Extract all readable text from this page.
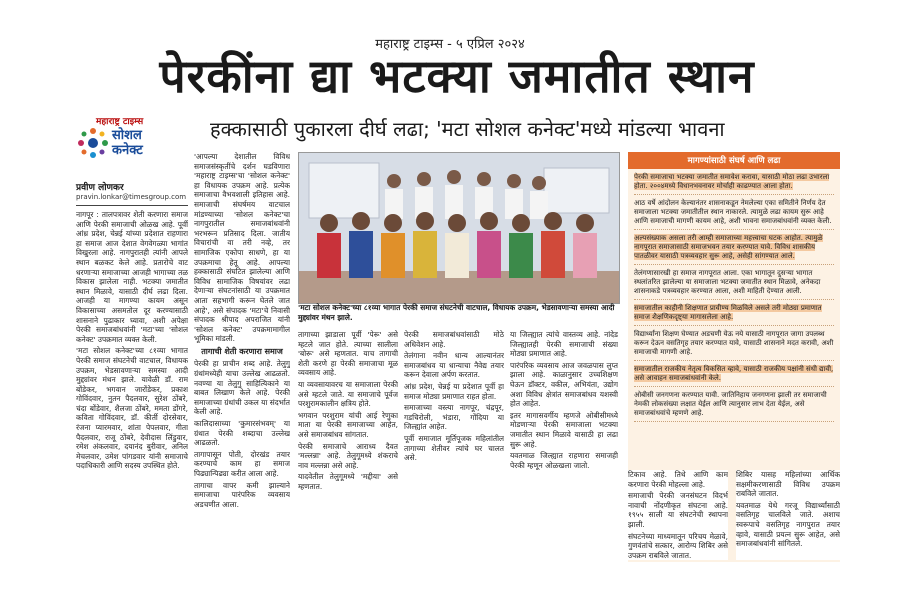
महाराष्ट्र टाइम्स - ५ एप्रिल २०२४
पेरकींना द्या भटक्या जमातीत स्थान
महाराष्ट्र टाइम्स
सोशल
कनेक्ट
हक्कासाठी पुकारला दीर्घ लढा; 'मटा सोशल कनेक्ट'मध्ये मांडल्या भावना
प्रवीण लोणकर
pravin.lonkar@timesgroup.com

नागपूर : तालपत्रावर शेती करणारा समाज आणि पेरकी समाजाची ओळख आहे. पूर्वी आंध्र प्रदेश, चेन्नई यांच्या प्रदेशात राहणारा हा समाज आज देशात वेगवेगळ्या भागांत विखुरला आहे. नागपुरातही त्यांनी आपले स्थान बळकट केले आहे. प्रतारोचे वाट धरणाऱ्या समाजाच्या आजही भागाच्या तळ विकास झालेला नाही. भटक्या जमातीत स्थान मिळावे, यासाठी दीर्घ लढा दिला. आजही या मागण्या कायम असून विकासाच्या असमतोल दूर करण्यासाठी शासनाने पुढाकार घ्यावा, अशी अपेक्षा पेरकी समाजबांधवांनी 'मटा'च्या 'सोशल कनेक्ट' उपक्रमात व्यक्त केली.

'मटा सोशल कनेक्ट'च्या ८१व्या भागात पेरकी समाज संघटनेची वाटचाल, विधायक उपक्रम, भेडसावणाऱ्या समस्या आदी मुद्द्यांवर मंथन झाले. यावेळी डॉ. राम बोंडेकर, भगवान जारोंडेकर, प्रकाश गोविंदवार, नुतन पैदलवार, सुरेश ठोंबरे, चंदा बोंडेवार, शैलजा ठोंबरे, ममता डोंगरे, कविता गोविंदवार, डॉ. कीर्ती दोरसेवार, रंजना प्यारमवार, शांता पेपलवार, गीता पैदलवार, राजू ठोंबरे, देवीदास लिंडुवार, रमेश अंकलवार, दयानंद बुरीवार, अनिल मेचलवार, उमेश पांगडवार यांनी समाजाचे पदाधिकारी आणि सदस्य उपस्थित होते.

'आपल्या देशातील विविध समाजसंस्कृतींचे दर्शन घडविणारा 'महाराष्ट्र टाइम्स'चा 'सोशल कनेक्ट' हा विधायक उपक्रम आहे. प्रत्येक समाजाचा वैभवशाली इतिहास आहे. समाजाची संघर्षमय वाटचाल मांडण्याच्या 'सोशल कनेक्ट'चा नागपुरातील समाजबांधवांनी भरभरून प्रतिसाद दिला. जातीय विचारांची वा तरी नव्हे, तर सामाजिक एकोपा साधणे, हा या उपक्रमाचा हेतू आहे. आपल्या हक्कासाठी संघटित झालेल्या आणि विविध सामाजिक विषयांवर लढा देणाऱ्या संघटनांसाठी या उपक्रमात आता सहभागी करून घेतले जात आहे', असे संपादक 'मटा'चे निवासी संपादक श्रीपाद अपराजित यांनी 'सोशल कनेक्ट' उपक्रमामागील भूमिका मांडली.

तागाची शेती करणारा समाज

पेरकी हा प्राचीन शब्द आहे. तेलुगु ग्रंथांमध्येही याचा उल्लेख आढळतो. नवण्या या तेलुगु साहित्यिकाने या बाबत लिखाण केले आहे. पेरकी समाजाच्या ग्रंथांची उकल या संदर्भात केली आहे.

कालिदासाच्या 'कुमारसंभवम्' या ग्रंथात पेरकी शब्दाचा उल्लेख आढळतो.

तागापासून पोती, दोरखंड तयार करण्याचे काम हा समाज पिढ्यान्पिढ्या करीत आला आहे.

तागाचा वापर कमी झाल्याने समाजाचा पारंपरिक व्यवसाय अडचणीत आला.

'मटा सोशल कनेक्ट'च्या ८१व्या भागात पेरकी समाज संघटनेची वाटचाल, विधायक उपक्रम, भेडसावणाऱ्या समस्या आदी मुद्द्यांवर मंथन झाले.

तागाच्या झाडाला पूर्वी 'पेरू' असे म्हटले जात होते. त्याच्या सालीला 'बोरू' असे म्हणतात. याच तागाची शेती करणे हा पेरकी समाजाचा मूळ व्यवसाय आहे.

या व्यवसायावरच या समाजाला पेरकी असे म्हटले जाते. या समाजाचे पूर्वज परशुरामकालीन क्षत्रिय होते.

भगवान परशुराम यांची आई रेणुका माता या पेरकी समाजाच्या आहेत, असे समाजबांधव सांगतात.

पेरकी समाजाचे आराध्य दैवत 'मल्लन्ना' आहे. तेलुगूमध्ये शंकराचे नाव मल्लन्ना असे आहे.

यादवेतील तेलुगूमध्ये 'मद्दीया' असे म्हणतात.

पेरकी समाजबांधवांसाठी मोठे अधिवेशन आहे.

तेलंगाना नवीन धान्य आल्यानंतर समाजबांधव या धान्याचा नैवेद्य तयार करून देवाला अर्पण करतात.

आंध्र प्रदेश, चेन्नई या प्रदेशात पूर्वी हा समाज मोठ्या प्रमाणात राहत होता.

समाजाच्या वस्त्या नागपूर, चंद्रपूर, गडचिरोली, भंडारा, गोंदिया या जिल्ह्यांत आहेत.

पूर्वी समाजात मूर्तिपूजक महिलांतील तागाच्या शेतीवर त्यांचे घर चालत असे.

या जिल्ह्यात त्यांचे वास्तव्य आहे. नांदेड जिल्ह्यातही पेरकी समाजाची संख्या मोठ्या प्रमाणात आहे.

पारंपरिक व्यवसाय आज जवळपास लुप्त झाला आहे. काळानुसार उच्चशिक्षण घेऊन डॉक्टर, वकील, अभियंता, उद्योग अशा विविध क्षेत्रांत समाजबांधव यशस्वी होत आहेत.

इतर मागासवर्गीय म्हणजे ओबीसीमध्ये मोडणाऱ्या पेरकी समाजाला भटक्या जमातीत स्थान मिळावे यासाठी हा लढा सुरू आहे.

यवतमाळ जिल्ह्यात राहणारा समाजही पेरकी म्हणून ओळखला जातो.

मागण्यांसाठी संघर्ष आणि लढा
पेरकी समाजाचा भटक्या जमातीत समावेश करावा, यासाठी मोठा लढा उभारला होता. २००४मध्ये विधानभवनावर मोर्चाही काढण्यात आला होता.
आठ वर्षे आंदोलन केल्यानंतर शासनाकडून नेमलेल्या एका समितीने निर्णय देत समाजाला भटक्या जमातीतील स्थान नाकारले. त्यामुळे लढा कायम सुरू आहे आणि समाजाची मागणी कायम आहे, अशी भावना समाजबांधवांनी व्यक्त केली.
अल्पसंख्याक असला तरी आम्ही समाजाच्या महत्त्वाचा घटक आहोत. त्यामुळे नागपूरात समाजासाठी समाजभवन तयार करण्यात यावे. विविध शासकीय पातळीवर यासाठी पत्रव्यवहार सुरू आहे, असेही सांगण्यात आले.
तेलंगणासारखी हा समाज नागपूरात आला. एका भागातून दुसऱ्या भागात स्थलांतरित झालेल्या या समाजाला भटक्या जमातीत स्थान मिळावे, अनेकदा शासनाकडे पत्रव्यवहार करण्यात आला, अशी माहिती देण्यात आली.
समाजातील काहीनी शिक्षणात प्रावीण्य मिळविले असले तरी मोठ्या प्रमाणात समाज शैक्षणिकदृष्ट्या मागासलेला आहे.
विद्यार्थ्यांना शिक्षण घेण्यात अडचणी येऊ नये यासाठी नागपूरात जागा उपलब्ध करून देऊन वसतिगृह तयार करण्यात यावे, यासाठी शासनाने मदत करावी, अशी समाजाची मागणी आहे.
समाजातील राजकीय नेतृत्व विकसित व्हावे, यासाठी राजकीय पक्षांनी संधी द्यावी, असे आवाहन समाजबांधवांनी केले.
ओबीसी जनगणना करण्यात यावी. जातिनिहाय जनगणना झाली तर समाजाची नेमकी लोकसंख्या लक्षात येईल आणि त्यानुसार लाभ देता येईल, असे समाजबांधवांचे म्हणणे आहे.

टिकाव आहे. तिथे आणि काम करणारा पेरकी मोहल्ला आहे.

समाजाची पेरकी जनसंघटन विदर्भ नावाची नोंदणीकृत संघटना आहे. १९५५ साली या संघटनेची स्थापना झाली.

संघटनेच्या माध्यमातून परिचय मेळावे, गुणवंतांचे सत्कार, आरोग्य शिबिर असे उपक्रम राबविले जातात.

शिबिर यासह महिलांच्या आर्थिक सक्षमीकरणासाठी विविध उपक्रम राबविले जातात.

यवतमाळ येथे गरजू विद्यार्थ्यांसाठी वसतिगृह चालविले जाते. अशाच स्वरूपाचे वसतिगृह नागपुरात तयार व्हावे, यासाठी प्रयत्न सुरू आहेत, असे समाजबांधवांनी सांगितले.
